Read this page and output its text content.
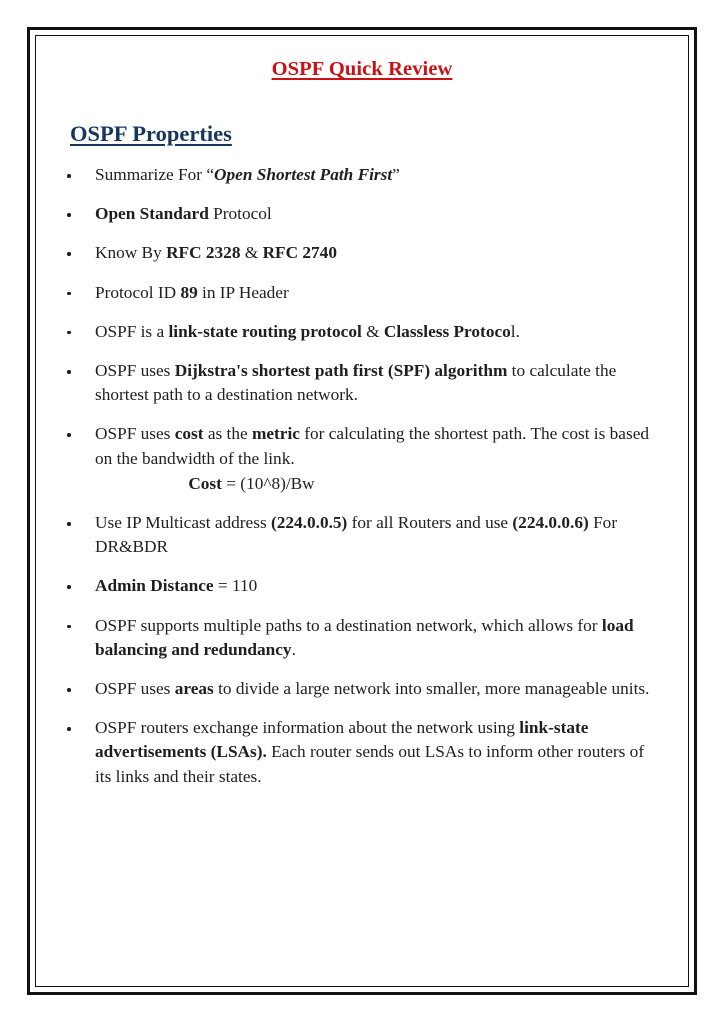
OSPF Quick Review
OSPF Properties
Summarize For “Open Shortest Path First”
Open Standard Protocol
Know By RFC 2328 & RFC 2740
Protocol ID 89 in IP Header
OSPF is a link-state routing protocol & Classless Protocol.
OSPF uses Dijkstra's shortest path first (SPF) algorithm to calculate the shortest path to a destination network.
OSPF uses cost as the metric for calculating the shortest path. The cost is based on the bandwidth of the link.
Cost = (10^8)/Bw
Use IP Multicast address (224.0.0.5) for all Routers and use (224.0.0.6) For DR&BDR
Admin Distance = 110
OSPF supports multiple paths to a destination network, which allows for load balancing and redundancy.
OSPF uses areas to divide a large network into smaller, more manageable units.
OSPF routers exchange information about the network using link-state advertisements (LSAs). Each router sends out LSAs to inform other routers of its links and their states.
